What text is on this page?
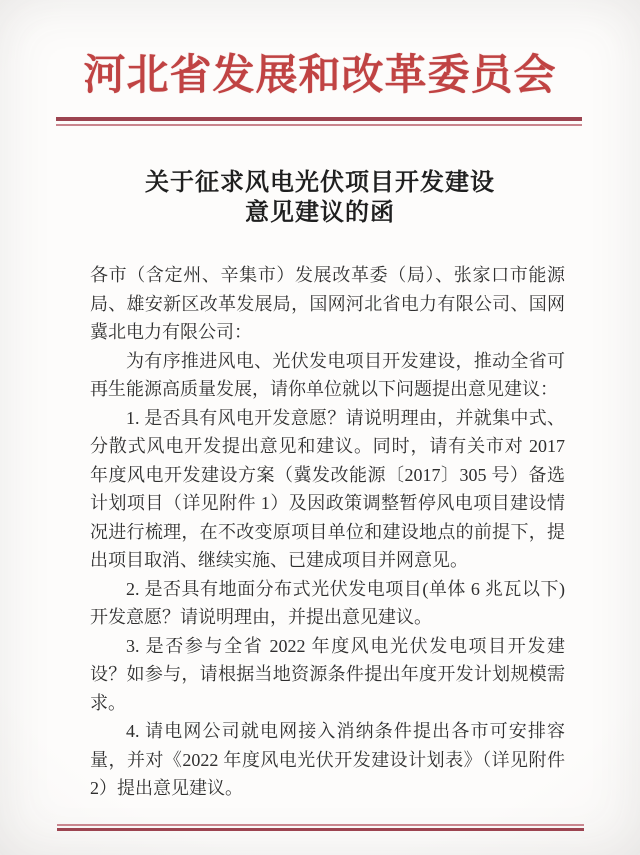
河北省发展和改革委员会
关于征求风电光伏项目开发建设
意见建议的函

各市（含定州、辛集市）发展改革委（局）、张家口市能源局、雄安新区改革发展局，国网河北省电力有限公司、国网冀北电力有限公司：

为有序推进风电、光伏发电项目开发建设，推动全省可再生能源高质量发展，请你单位就以下问题提出意见建议：

1. 是否具有风电开发意愿？请说明理由，并就集中式、分散式风电开发提出意见和建议。同时，请有关市对 2017 年度风电开发建设方案（冀发改能源〔2017〕305 号）备选计划项目（详见附件 1）及因政策调整暂停风电项目建设情况进行梳理，在不改变原项目单位和建设地点的前提下，提出项目取消、继续实施、已建成项目并网意见。

2. 是否具有地面分布式光伏发电项目(单体 6 兆瓦以下)开发意愿？请说明理由，并提出意见建议。

3. 是否参与全省 2022 年度风电光伏发电项目开发建设？如参与，请根据当地资源条件提出年度开发计划规模需求。

4. 请电网公司就电网接入消纳条件提出各市可安排容量，并对《2022 年度风电光伏开发建设计划表》（详见附件 2）提出意见建议。
